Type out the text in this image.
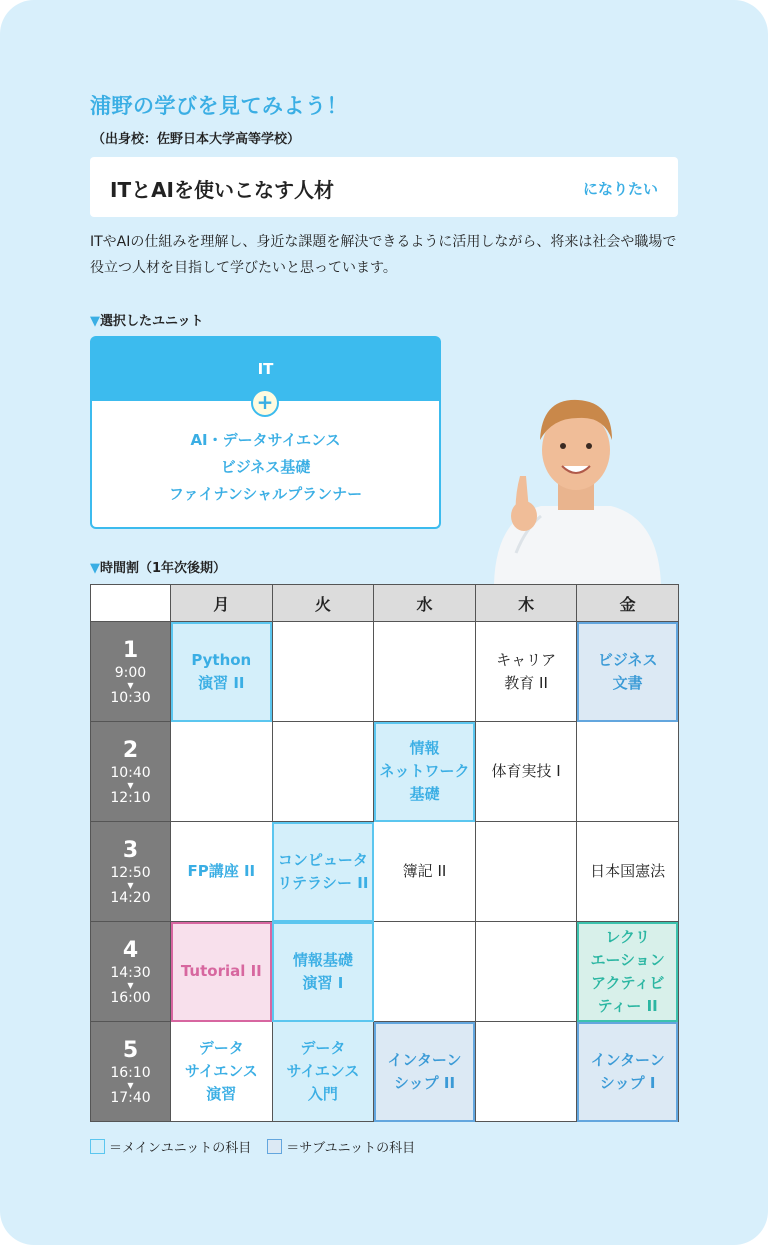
浦野の学びを見てみよう！
（出身校：佐野日本大学高等学校）
ITとAIを使いこなす人材	になりたい

ITやAIの仕組みを理解し、身近な課題を解決できるように活用しながら、将来は社会や職場で役立つ人材を目指して学びたいと思っています。

▼選択したユニット
IT
AI・データサイエンス
ビジネス基礎
ファイナンシャルプランナー
+
▼時間割（1年次後期）
	月	火	水	木	金

1
9:00
▼
10:30	Python
演習 II			キャリア
教育 II	ビジネス
文書

2
10:40
▼
12:10			情報
ネットワーク
基礎	体育実技 I	

3
12:50
▼
14:20	FP講座 II	コンピュータ
リテラシー II	簿記 II		日本国憲法

4
14:30
▼
16:00	Tutorial II	情報基礎
演習 I			レクリ
エーション
アクティビ
ティー II

5
16:10
▼
17:40	データ
サイエンス
演習	データ
サイエンス
入門	インターン
シップ II		インターン
シップ I
＝メインユニットの科目	＝サブユニットの科目
